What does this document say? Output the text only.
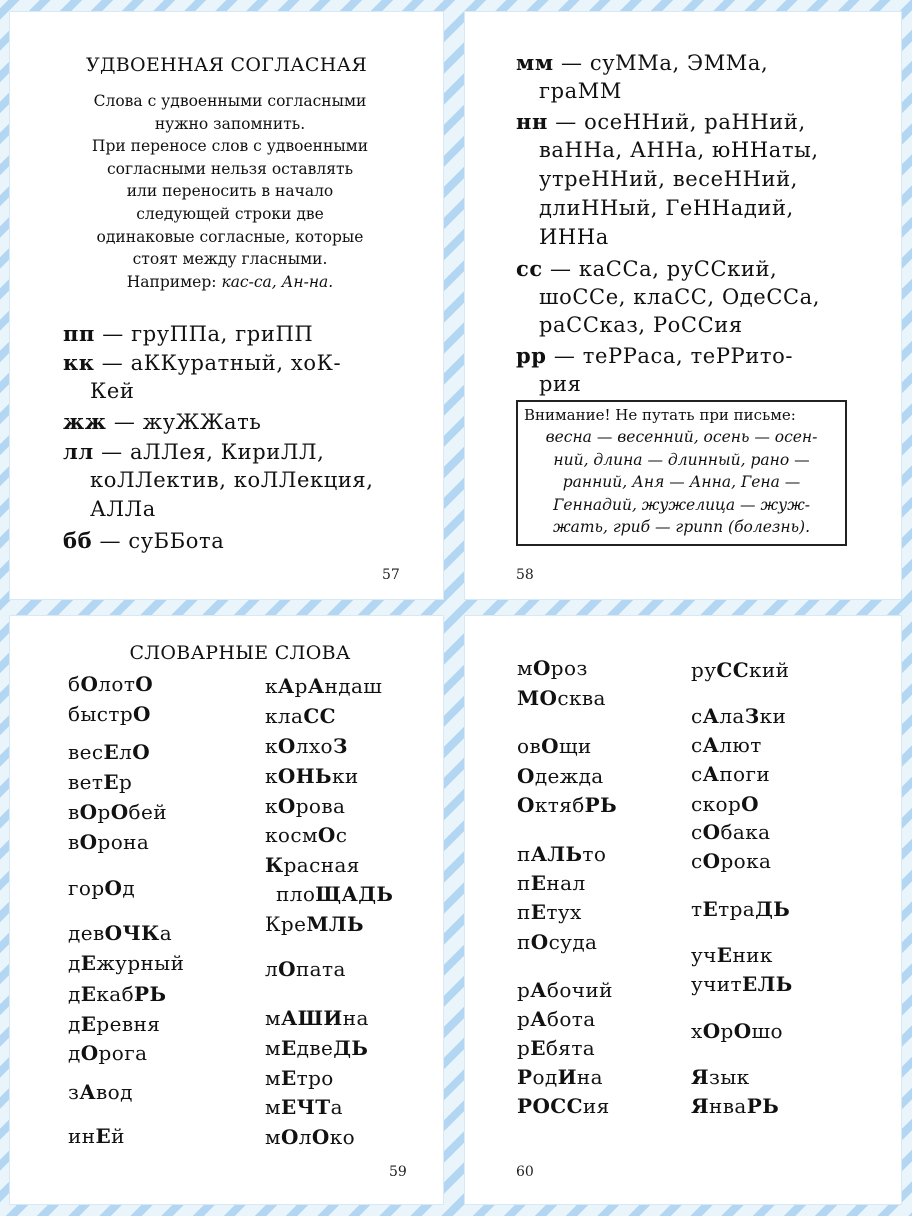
УДВОЕННАЯ СОГЛАСНАЯ
Слова с удвоенными согласными
нужно запомнить.
При переносе слов с удвоенными
согласными нельзя оставлять
или переносить в начало
следующей строки две
одинаковые согласные, которые
стоят между гласными.
Например: кас-са, Ан-на.
пп — груППа, гриПП
кк — аККуратный, хоК-
Кей
жж — жуЖЖать
лл — аЛЛея, КириЛЛ,
коЛЛектив, коЛЛекция,
АЛЛа
бб — суББота
57
мм — суММа, ЭММа,
граММ
нн — осеННий, раННий,
ваННа, АННа, юННаты,
утреННий, весеННий,
длиННый, ГеННадий,
ИННа
сс — каССа, руССкий,
шоССе, клаСС, ОдеССа,
раССказ, РоССия
рр — теРРаса, теРРито-
рия
Внимание! Не путать при письме:
весна — весенний, осень — осен-
ний, длина — длинный, рано —
ранний, Аня — Анна, Гена —
Геннадий, жужелица — жуж-
жать, гриб — грипп (болезнь).
58
СЛОВАРНЫЕ СЛОВА
бОлотО
быстрО
весЕлО
ветЕр
вОрОбей
вОрона
горОд
девОЧКа
дЕжурный
дЕкабРЬ
дЕревня
дОрога
зАвод
инЕй
кАрАндаш
клаСС
кОлхоЗ
кОНЬки
кОрова
космОс
Красная
плоЩАДЬ
КреМЛЬ
лОпата
мАШИна
мЕдвеДЬ
мЕтро
мЕЧТа
мОлОко
59
мОроз
МОсква
овОщи
Одежда
ОктябРЬ
пАЛЬто
пЕнал
пЕтух
пОсуда
рАбочий
рАбота
рЕбята
РодИна
РОССия
руССкий
сАлаЗки
сАлют
сАпоги
скорО
сОбака
сОрока
тЕтраДЬ
учЕник
учитЕЛЬ
хОрОшо
Язык
ЯнваРЬ
60
